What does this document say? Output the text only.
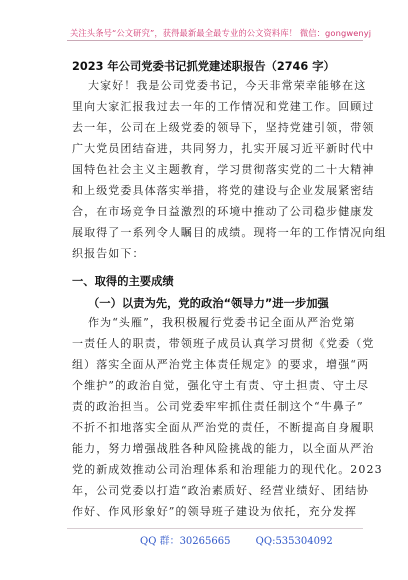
关注头条号“公文研究”，获得最新最全最专业的公文资料库！ 微信：gongwenyj
2023 年公司党委书记抓党建述职报告（2746 字）
大家好！我是公司党委书记，今天非常荣幸能够在这
里向大家汇报我过去一年的工作情况和党建工作。回顾过
去一年，公司在上级党委的领导下，坚持党建引领，带领
广大党员团结奋进，共同努力，扎实开展习近平新时代中
国特色社会主义主题教育，学习贯彻落实党的二十大精神
和上级党委具体落实举措，将党的建设与企业发展紧密结
合，在市场竞争日益激烈的环境中推动了公司稳步健康发
展取得了一系列令人瞩目的成绩。现将一年的工作情况向组
织报告如下：
一、取得的主要成绩
（一）以责为先，党的政治“领导力”进一步加强
作为“头雁”，我积极履行党委书记全面从严治党第
一责任人的职责，带领班子成员认真学习贯彻《党委（党
组）落实全面从严治党主体责任规定》的要求，增强“两
个维护”的政治自觉，强化守土有责、守土担责、守土尽
责的政治担当。公司党委牢牢抓住责任制这个“牛鼻子”
不折不扣地落实全面从严治党的责任，不断提高自身履职
能力，努力增强战胜各种风险挑战的能力，以全面从严治
党的新成效推动公司治理体系和治理能力的现代化。2023
年，公司党委以打造“政治素质好、经营业绩好、团结协
作好、作风形象好”的领导班子建设为依托，充分发挥
QQ 群：30265665	QQ:535304092
